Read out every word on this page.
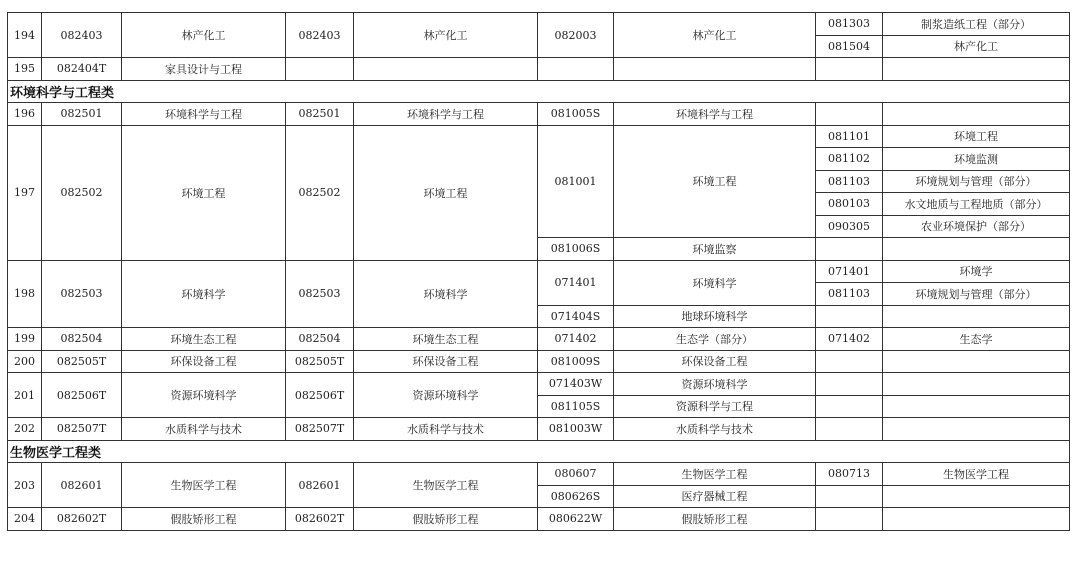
194	082403	林产化工	082403	林产化工	082003	林产化工	081303	制浆造纸工程（部分）
							081504	林产化工
195	082404T	家具设计与工程						
环境科学与工程类								
196	082501	环境科学与工程	082501	环境科学与工程	081005S	环境科学与工程		
197	082502	环境工程	082502	环境工程	081001	环境工程	081101	环境工程
							081102	环境监测
							081103	环境规划与管理（部分）
							080103	水文地质与工程地质（部分）
							090305	农业环境保护（部分）
					081006S	环境监察		
198	082503	环境科学	082503	环境科学	071401	环境科学	071401	环境学
							081103	环境规划与管理（部分）
					071404S	地球环境科学		
199	082504	环境生态工程	082504	环境生态工程	071402	生态学（部分）	071402	生态学
200	082505T	环保设备工程	082505T	环保设备工程	081009S	环保设备工程		
201	082506T	资源环境科学	082506T	资源环境科学	071403W	资源环境科学		
					081105S	资源科学与工程		
202	082507T	水质科学与技术	082507T	水质科学与技术	081003W	水质科学与技术		
生物医学工程类								
203	082601	生物医学工程	082601	生物医学工程	080607	生物医学工程	080713	生物医学工程
					080626S	医疗器械工程		
204	082602T	假肢矫形工程	082602T	假肢矫形工程	080622W	假肢矫形工程		
